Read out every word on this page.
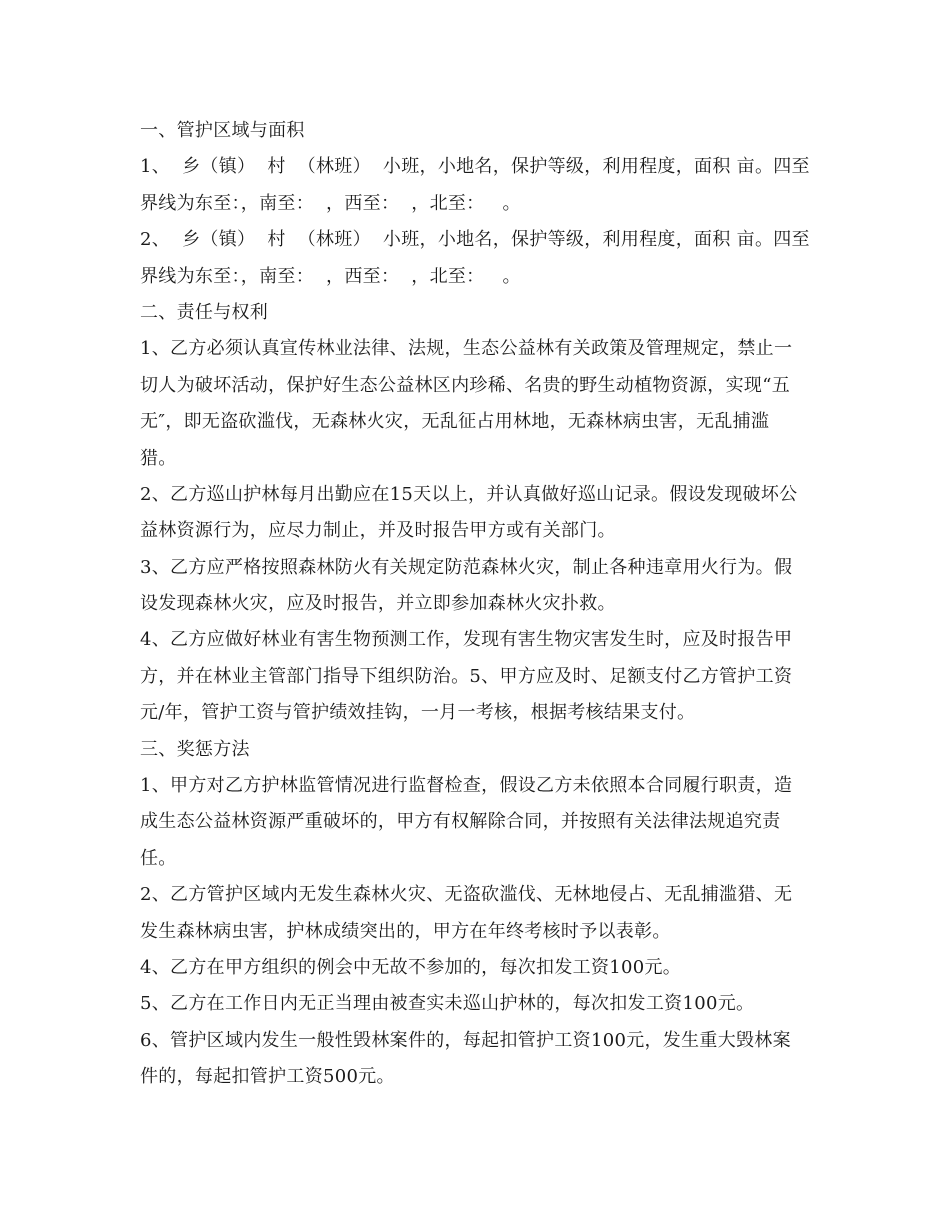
一、管护区域与面积
1、  乡（镇）  村  （林班）  小班，小地名，保护等级，利用程度，面积 亩。四至
界线为东至：，南至：  ，西至：  ，北至：   。
2、  乡（镇）  村  （林班）  小班，小地名，保护等级，利用程度，面积 亩。四至
界线为东至：，南至：  ，西至：  ，北至：   。
二、责任与权利
1、乙方必须认真宣传林业法律、法规，生态公益林有关政策及管理规定，禁止一
切人为破坏活动，保护好生态公益林区内珍稀、名贵的野生动植物资源，实现“五
无″，即无盗砍滥伐，无森林火灾，无乱征占用林地，无森林病虫害，无乱捕滥
猎。
2、乙方巡山护林每月出勤应在15天以上，并认真做好巡山记录。假设发现破坏公
益林资源行为，应尽力制止，并及时报告甲方或有关部门。
3、乙方应严格按照森林防火有关规定防范森林火灾，制止各种违章用火行为。假
设发现森林火灾，应及时报告，并立即参加森林火灾扑救。
4、乙方应做好林业有害生物预测工作，发现有害生物灾害发生时，应及时报告甲
方，并在林业主管部门指导下组织防治。5、甲方应及时、足额支付乙方管护工资
元/年，管护工资与管护绩效挂钩，一月一考核，根据考核结果支付。
三、奖惩方法
1、甲方对乙方护林监管情况进行监督检查，假设乙方未依照本合同履行职责，造
成生态公益林资源严重破坏的，甲方有权解除合同，并按照有关法律法规追究责
任。
2、乙方管护区域内无发生森林火灾、无盗砍滥伐、无林地侵占、无乱捕滥猎、无
发生森林病虫害，护林成绩突出的，甲方在年终考核时予以表彰。
4、乙方在甲方组织的例会中无故不参加的，每次扣发工资100元。
5、乙方在工作日内无正当理由被查实未巡山护林的，每次扣发工资100元。
6、管护区域内发生一般性毁林案件的，每起扣管护工资100元，发生重大毁林案
件的，每起扣管护工资500元。
